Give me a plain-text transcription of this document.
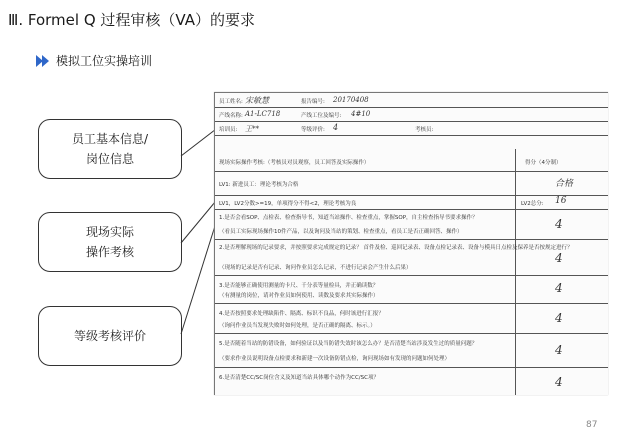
Ⅲ. Formel Q 过程审核（VA）的要求
模拟工位实操培训
员工基本信息/
岗位信息
现场实际
操作考核
等级考核评价
员工姓名: 宋敏慧	报告编号: 20170408
产线名称: A1-LC718	产线工位及编号: 4#10
培训员: 王**	等级评价: 4	考核员:
现场实际操作考核:（考核员对员观察，员工回答及实际操作）	得分（4分制）
LV1: 新进员工：理论考核为合格	合格
LV1，LV2分数>=19，单项得分不得<2，理论考核为良	LV2总分: 16
1.是否会看SOP、点检表、检查指导书，知道当站操作、检查重点，掌握SOP，自主检查指导书要求操作？
（看员工实际现场操作10件产品，以及询问及当站的策划、检查重点，看员工是否正确回答、操作）
4
2.是否理解现场的记录要求，并按照要求完成规定的记录？ 首件及检、巡回记录表、设备点检记录表、设备与模具日点检及保养是否按规定进行？
（现场的记录是否有记录、询问作业员怎么记录，不进行记录会产生什么后果）
4
3.是否能够正确使用测量的卡尺、千分表等量检具，并正确读数？
（有测量的岗位，请对作业员如何使用、读数及要求其实际操作）
4
4.是否按照要求处理缺陷件、隔离、标识不良品，何时该进行汇报？
（询问作业员当发现失败时如何处理，是否正确的隔离、标示。）
4
5.是否随着当站的防错设备，如何验证以及当防错失效时该怎么办？是否清楚当站涉及发生过的质量问题？
（要求作业员说明设备点检要求和新建一次设备防错点检，询问现场如有发现的问题如何处理）
4
6.是否清楚CC/SC岗位含义及知道当站具体哪个动作为CC/SC项？	4
87
